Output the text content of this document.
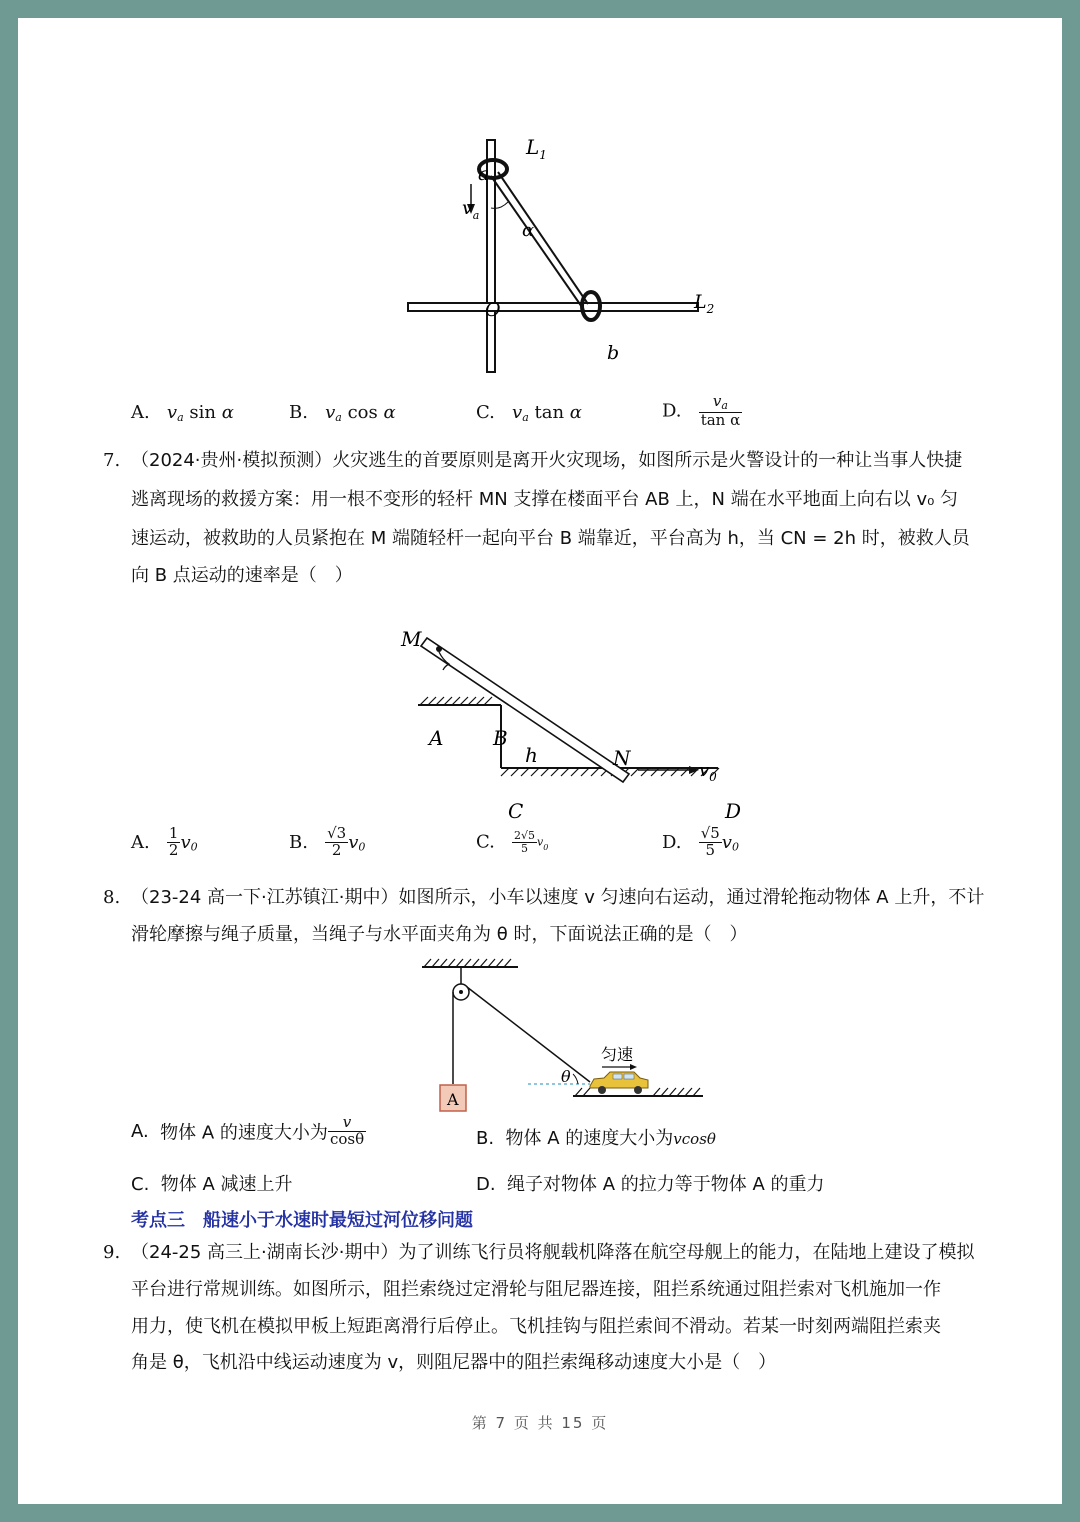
$L_1$
a
$v_a$
α
O	$L_2$
b
A. $v_a$ sin α	B. $v_a$ cos α	C. $v_a$ tan α	D. $\frac{v_a}{\text{tan α}}$
7. （2024·贵州·模拟预测）火灾逃生的首要原则是离开火灾现场，如图所示是火警设计的一种让当事人快捷
逃离现场的救援方案：用一根不变形的轻杆 MN 支撑在楼面平台 AB 上，N 端在水平地面上向右以 v₀ 匀
速运动，被救助的人员紧抱在 M 端随轻杆一起向平台 B 端靠近，平台高为 h，当 CN = 2h 时，被救人员
向 B 点运动的速率是（　）
M
A B
h	N
$v_0$
C	D
A. $\frac{1}{2} v_0$	B. $\frac{√3}{2} v_0$	C. $\frac{2√5}{5} v_0$	D. $\frac{√5}{5} v_0$
8. （23-24 高一下·江苏镇江·期中）如图所示，小车以速度 v 匀速向右运动，通过滑轮拖动物体 A 上升，不计
滑轮摩擦与绳子质量，当绳子与水平面夹角为 θ 时，下面说法正确的是（　）
A
θ
匀速
A. 物体 A 的速度大小为 $\frac{v}{\cos\theta}$	B. 物体 A 的速度大小为vcosθ
C. 物体 A 减速上升	D. 绳子对物体 A 的拉力等于物体 A 的重力
考点三　船速小于水速时最短过河位移问题
9. （24-25 高三上·湖南长沙·期中）为了训练飞行员将舰载机降落在航空母舰上的能力，在陆地上建设了模拟
平台进行常规训练。如图所示，阻拦索绕过定滑轮与阻尼器连接，阻拦系统通过阻拦索对飞机施加一作
用力，使飞机在模拟甲板上短距离滑行后停止。飞机挂钩与阻拦索间不滑动。若某一时刻两端阻拦索夹
角是 θ，飞机沿中线运动速度为 v，则阻尼器中的阻拦索绳移动速度大小是（　）
第 7 页 共 15 页
